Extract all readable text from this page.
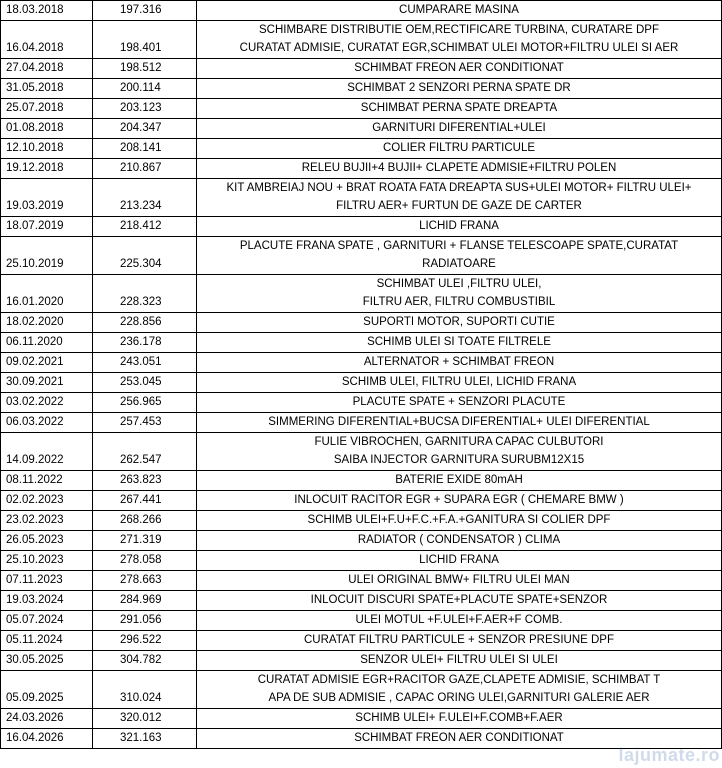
18.03.2018	197.316	CUMPARARE MASINA
16.04.2018	198.401	SCHIMBARE DISTRIBUTIE OEM,RECTIFICARE TURBINA, CURATARE DPF
CURATAT ADMISIE, CURATAT EGR,SCHIMBAT ULEI MOTOR+FILTRU ULEI SI AER
27.04.2018	198.512	SCHIMBAT FREON AER CONDITIONAT
31.05.2018	200.114	SCHIMBAT 2 SENZORI PERNA SPATE DR
25.07.2018	203.123	SCHIMBAT PERNA SPATE DREAPTA
01.08.2018	204.347	GARNITURI DIFERENTIAL+ULEI
12.10.2018	208.141	COLIER FILTRU PARTICULE
19.12.2018	210.867	RELEU BUJII+4 BUJII+ CLAPETE ADMISIE+FILTRU POLEN
19.03.2019	213.234	KIT AMBREIAJ NOU + BRAT ROATA FATA DREAPTA SUS+ULEI MOTOR+ FILTRU ULEI+
FILTRU AER+ FURTUN DE GAZE DE CARTER
18.07.2019	218.412	LICHID FRANA
25.10.2019	225.304	PLACUTE FRANA SPATE , GARNITURI + FLANSE TELESCOAPE SPATE,CURATAT
RADIATOARE
16.01.2020	228.323	SCHIMBAT ULEI ,FILTRU ULEI,
FILTRU AER, FILTRU COMBUSTIBIL
18.02.2020	228.856	SUPORTI MOTOR, SUPORTI CUTIE
06.11.2020	236.178	SCHIMB ULEI SI TOATE FILTRELE
09.02.2021	243.051	ALTERNATOR + SCHIMBAT FREON
30.09.2021	253.045	SCHIMB ULEI, FILTRU ULEI, LICHID FRANA
03.02.2022	256.965	PLACUTE SPATE + SENZORI PLACUTE
06.03.2022	257.453	SIMMERING DIFERENTIAL+BUCSA DIFERENTIAL+ ULEI DIFERENTIAL
14.09.2022	262.547	FULIE VIBROCHEN, GARNITURA CAPAC CULBUTORI
SAIBA INJECTOR GARNITURA SURUBM12X15
08.11.2022	263.823	BATERIE EXIDE 80mAH
02.02.2023	267.441	INLOCUIT RACITOR EGR + SUPARA EGR ( CHEMARE BMW )
23.02.2023	268.266	SCHIMB ULEI+F.U+F.C.+F.A.+GANITURA SI COLIER DPF
26.05.2023	271.319	RADIATOR ( CONDENSATOR ) CLIMA
25.10.2023	278.058	LICHID FRANA
07.11.2023	278.663	ULEI ORIGINAL BMW+ FILTRU ULEI MAN
19.03.2024	284.969	INLOCUIT DISCURI SPATE+PLACUTE SPATE+SENZOR
05.07.2024	291.056	ULEI MOTUL +F.ULEI+F.AER+F COMB.
05.11.2024	296.522	CURATAT FILTRU PARTICULE + SENZOR PRESIUNE DPF
30.05.2025	304.782	SENZOR ULEI+ FILTRU ULEI SI ULEI
05.09.2025	310.024	CURATAT ADMISIE EGR+RACITOR GAZE,CLAPETE ADMISIE, SCHIMBAT T
APA DE SUB ADMISIE , CAPAC ORING ULEI,GARNITURI GALERIE AER
24.03.2026	320.012	SCHIMB ULEI+ F.ULEI+F.COMB+F.AER
16.04.2026	321.163	SCHIMBAT FREON AER CONDITIONAT
lajumate.ro
